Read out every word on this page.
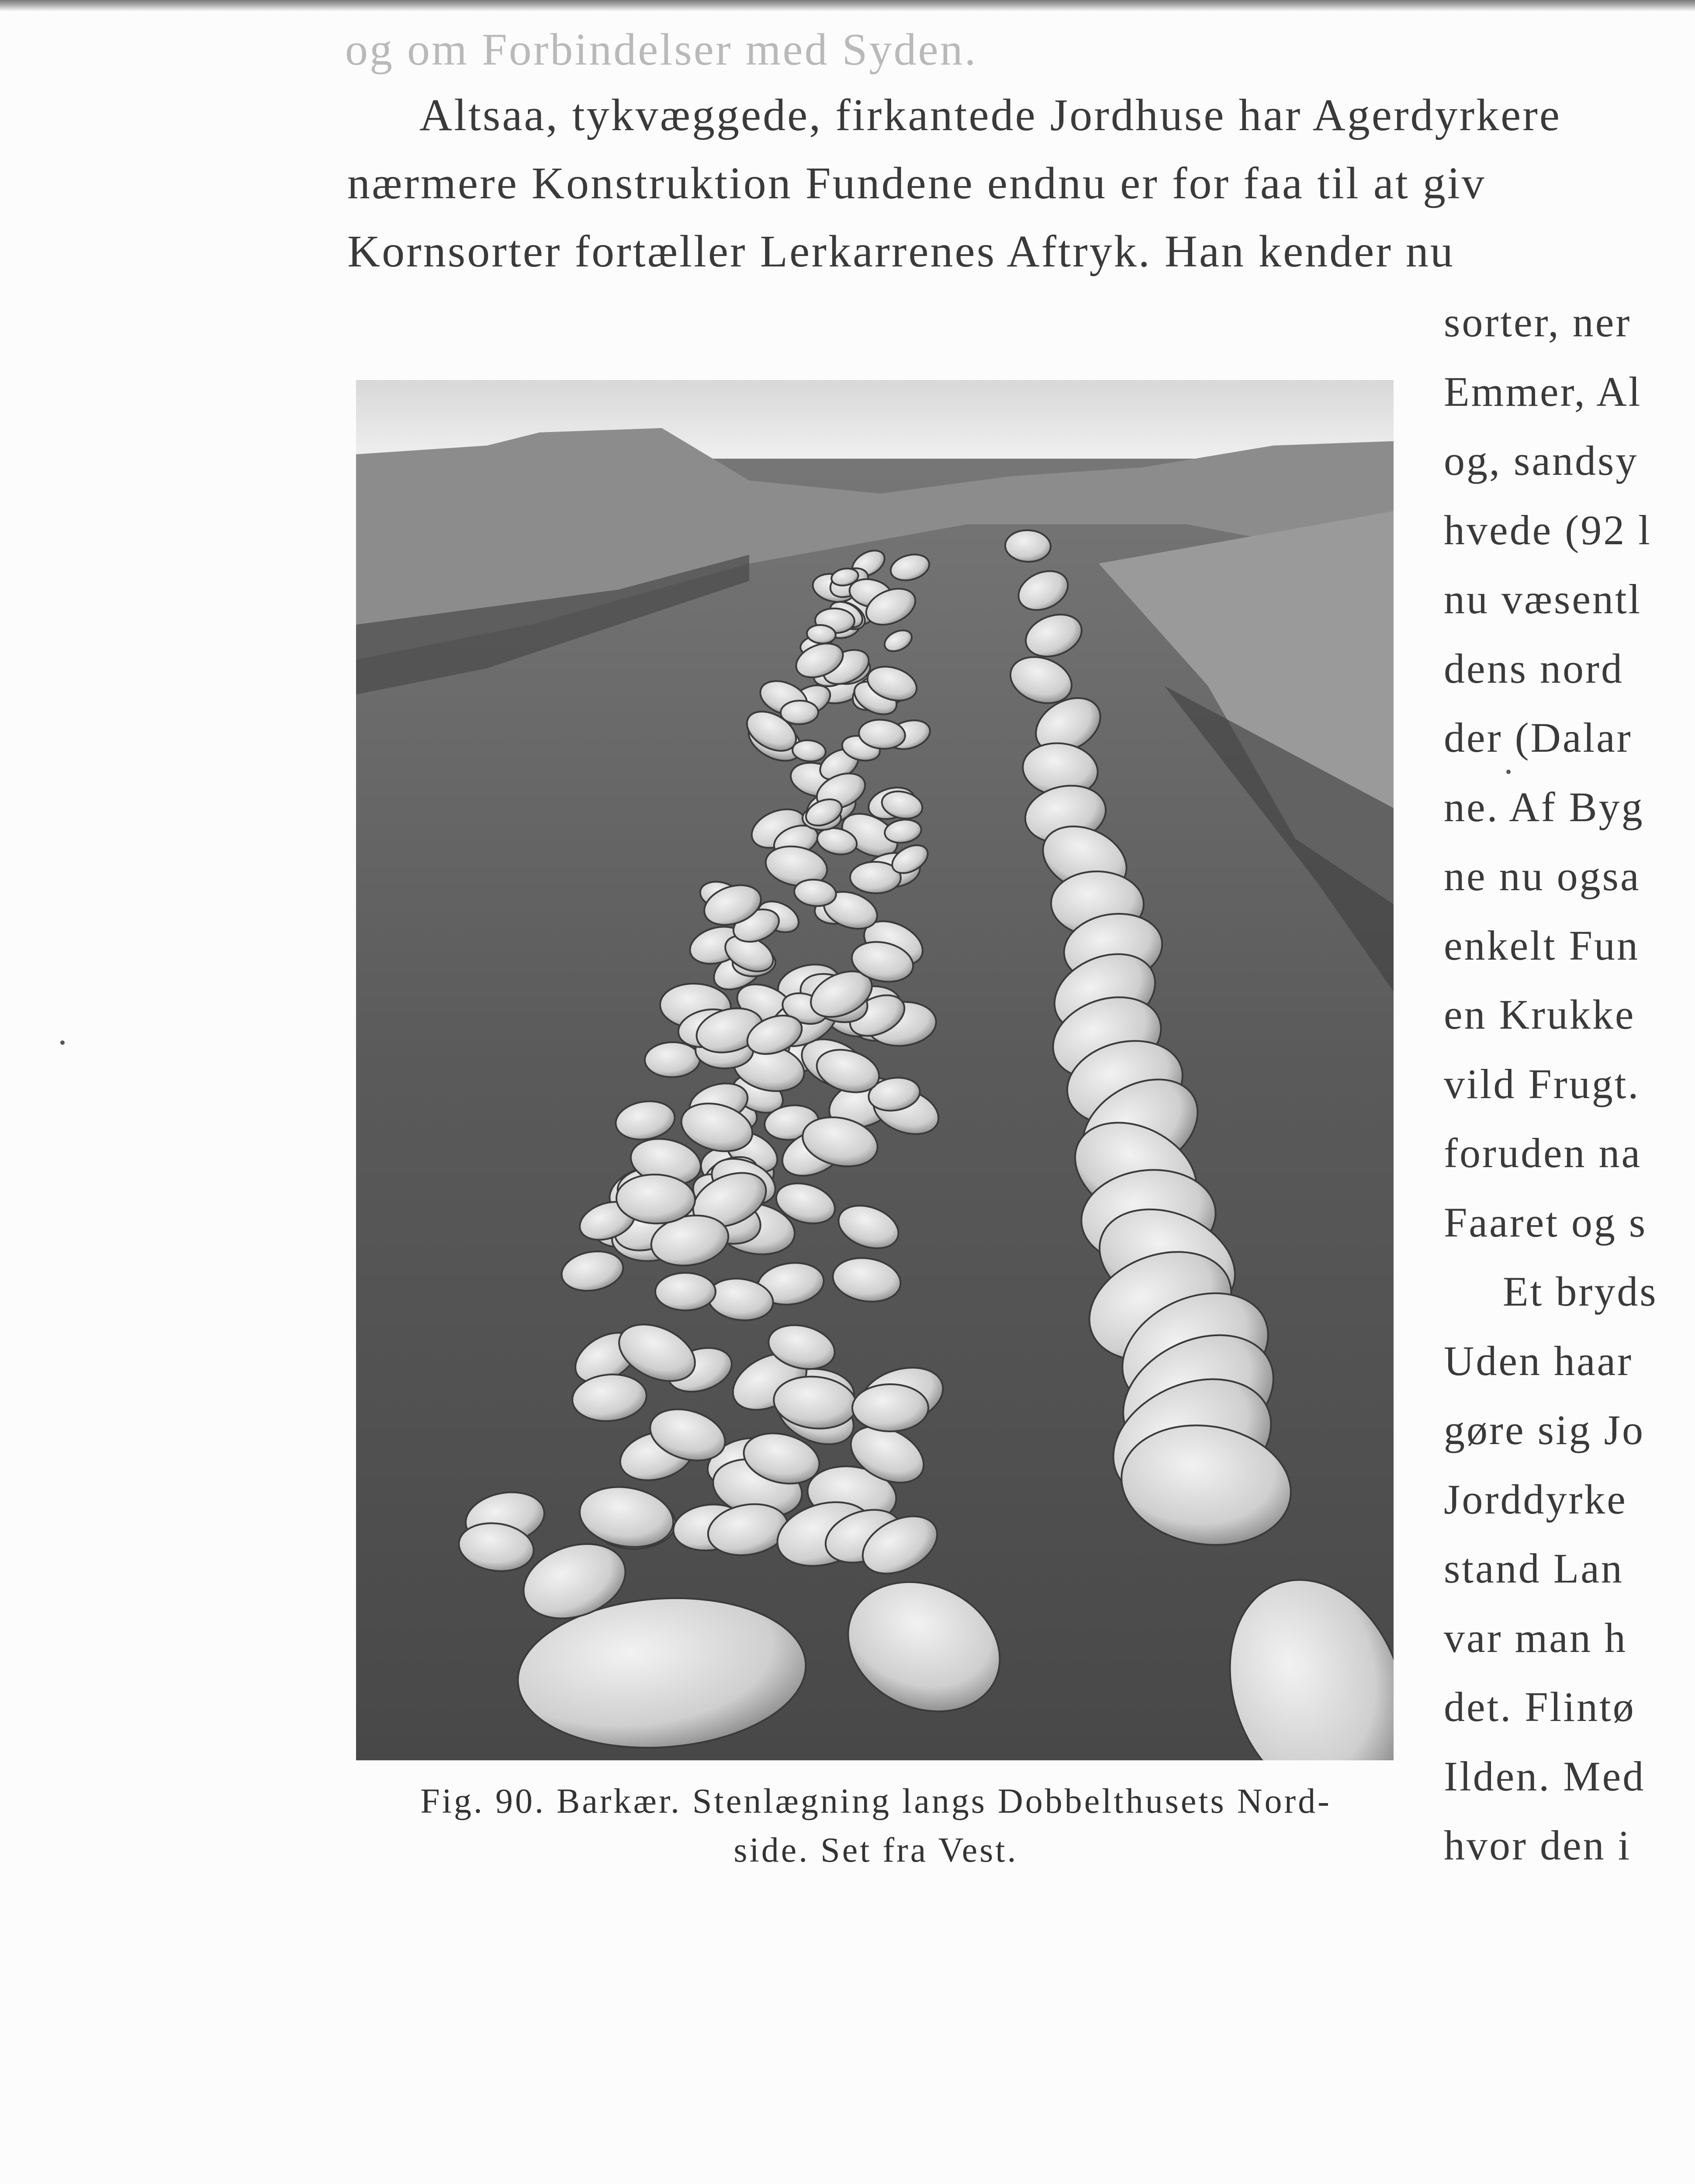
og om Forbindelser med Syden.
Altsaa, tykvæggede, firkantede Jordhuse har Agerdyrkere
nærmere Konstruktion Fundene endnu er for faa til at giv
Kornsorter fortæller Lerkarrenes Aftryk. Han kender nu
sorter, ner
Emmer, Al
og, sandsy
hvede (92 l
nu væsentl
dens nord
der (Dalar
ne. Af Byg
ne nu ogsa
enkelt Fun
en Krukke
vild Frugt.
foruden na
Faaret og s
Et bryds
Uden haar
gøre sig Jo
Jorddyrke
stand Lan
var man h
det. Flintø
Ilden. Med
hvor den i
Fig. 90. Barkær. Stenlægning langs Dobbelthusets Nord-
side. Set fra Vest.
